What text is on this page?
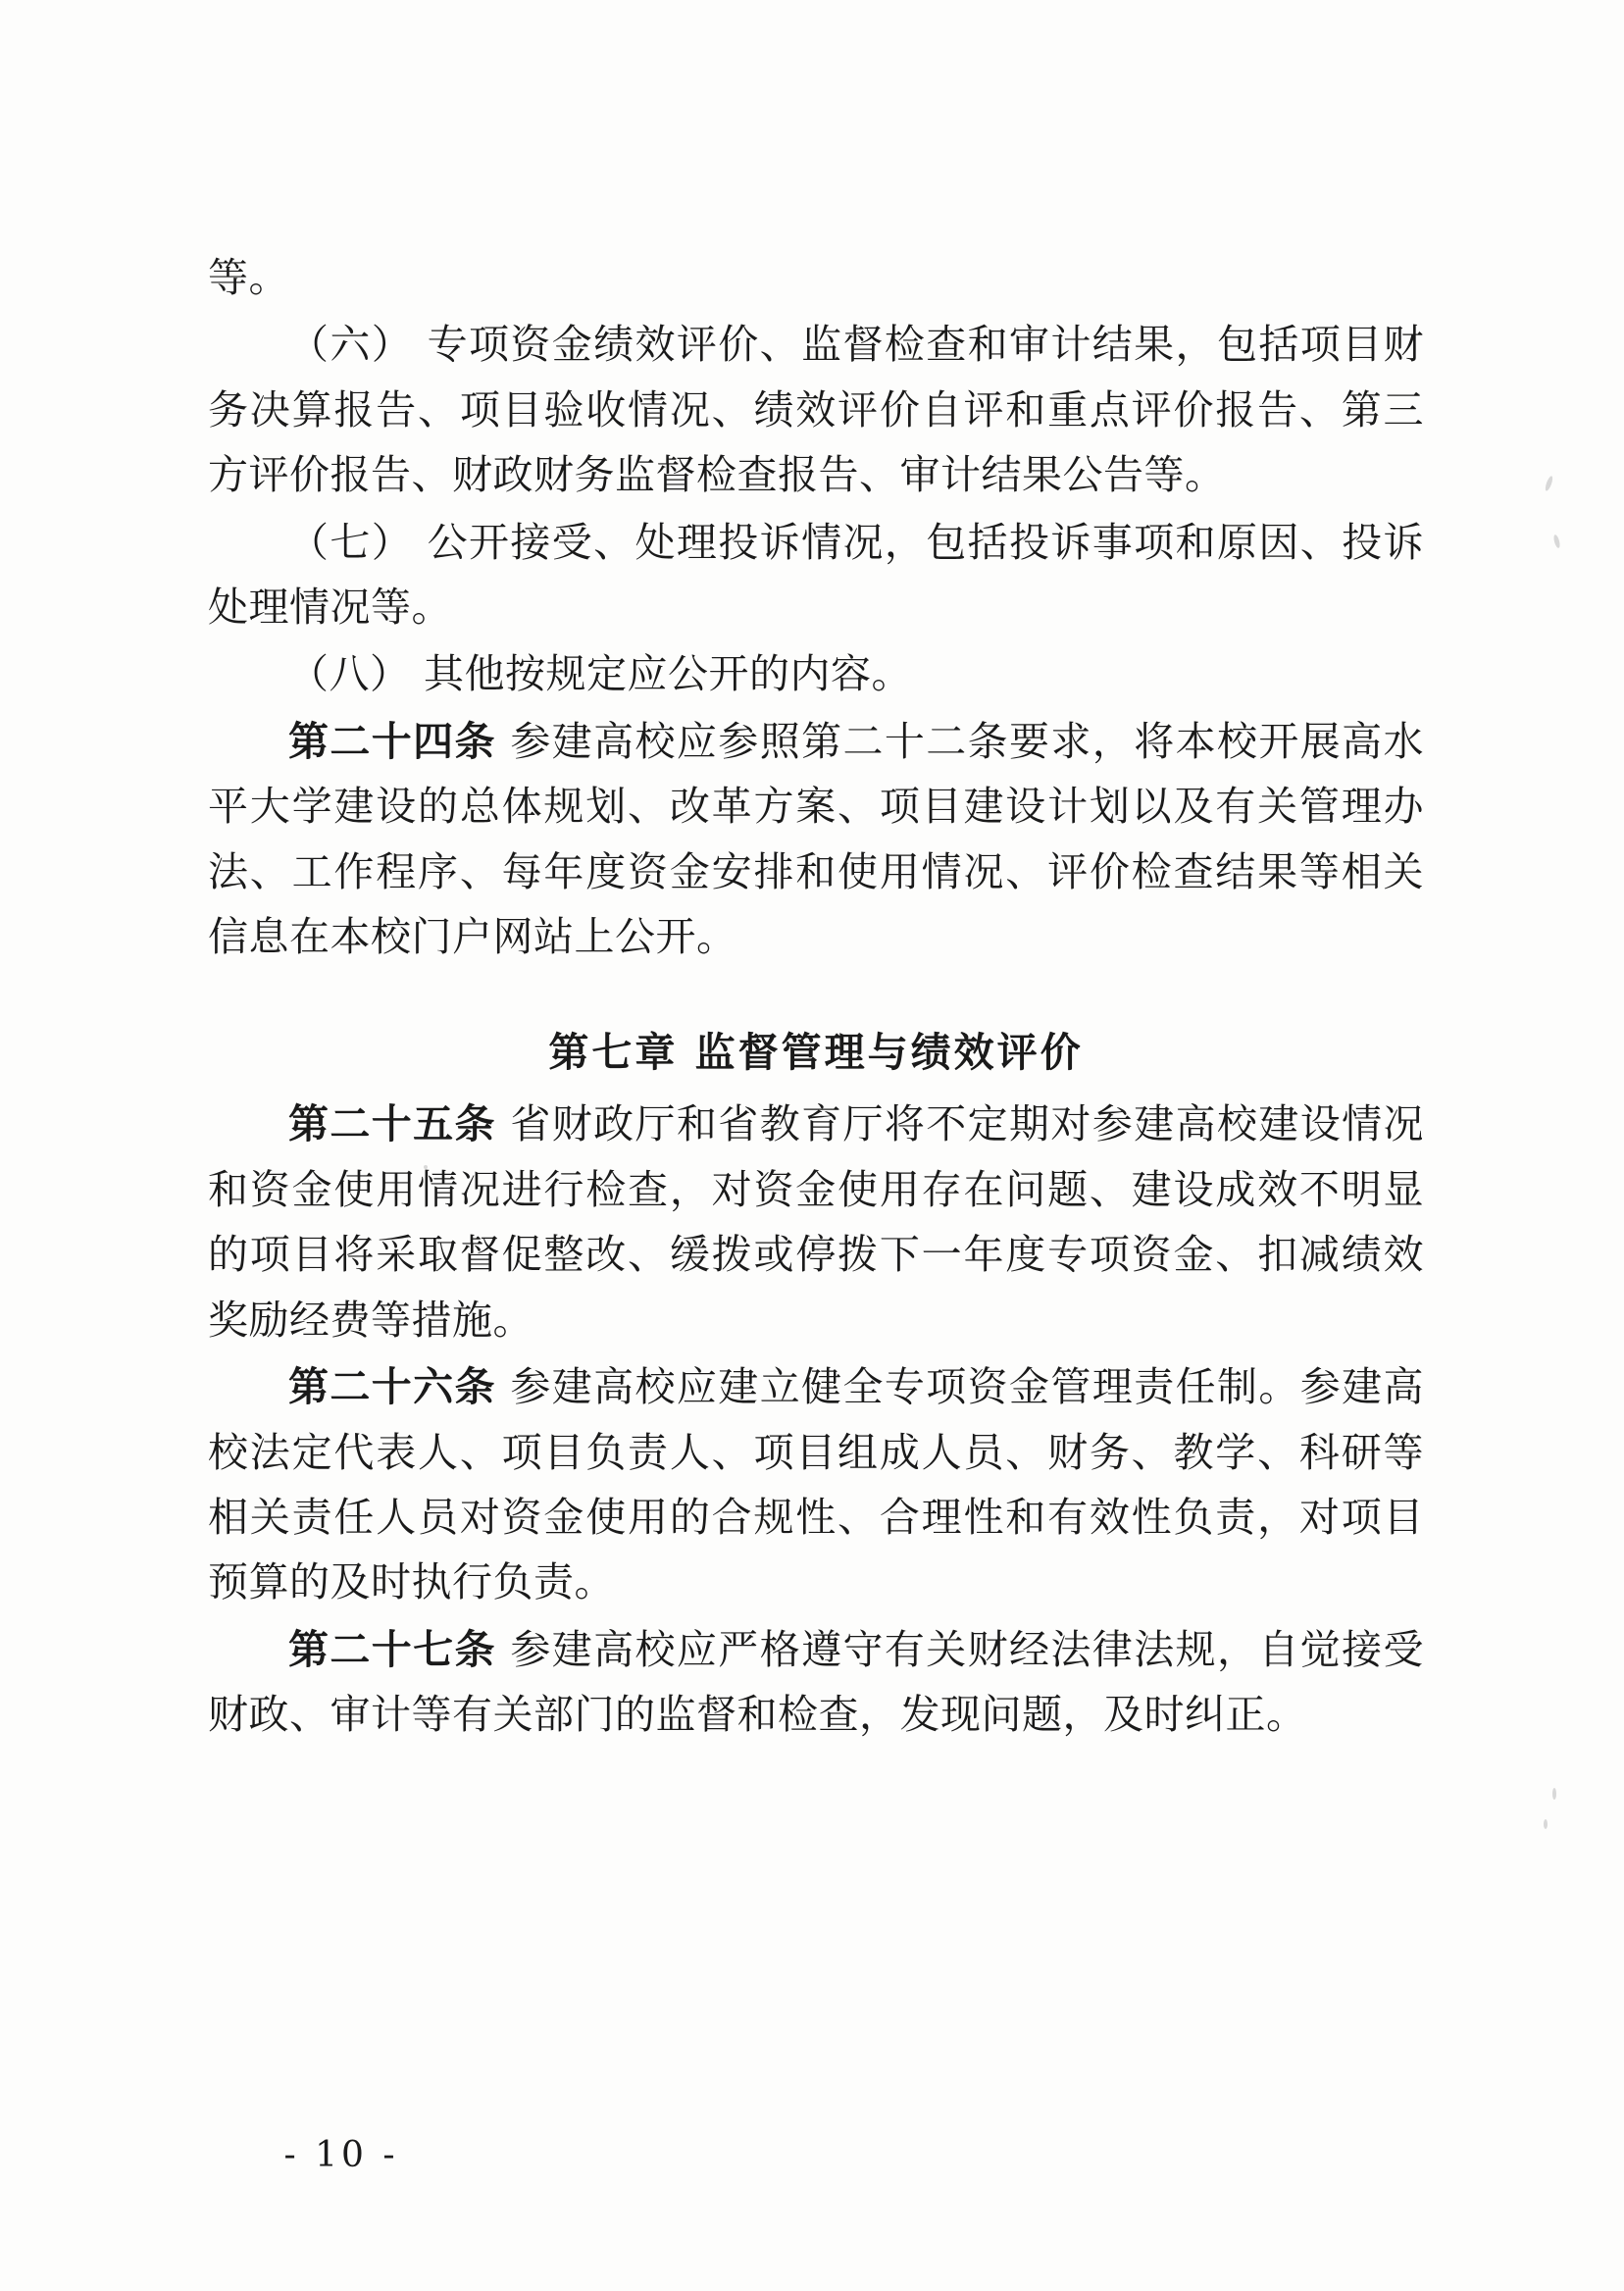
等。

（六） 专项资金绩效评价、监督检查和审计结果，包括项目财务决算报告、项目验收情况、绩效评价自评和重点评价报告、第三方评价报告、财政财务监督检查报告、审计结果公告等。

（七） 公开接受、处理投诉情况，包括投诉事项和原因、投诉处理情况等。

（八） 其他按规定应公开的内容。

第二十四条 参建高校应参照第二十二条要求，将本校开展高水平大学建设的总体规划、改革方案、项目建设计划以及有关管理办法、工作程序、每年度资金安排和使用情况、评价检查结果等相关信息在本校门户网站上公开。

第七章 监督管理与绩效评价

第二十五条 省财政厅和省教育厅将不定期对参建高校建设情况和资金使用情况进行检查，对资金使用存在问题、建设成效不明显的项目将采取督促整改、缓拨或停拨下一年度专项资金、扣减绩效奖励经费等措施。

第二十六条 参建高校应建立健全专项资金管理责任制。参建高校法定代表人、项目负责人、项目组成人员、财务、教学、科研等相关责任人员对资金使用的合规性、合理性和有效性负责，对项目预算的及时执行负责。

第二十七条 参建高校应严格遵守有关财经法律法规，自觉接受财政、审计等有关部门的监督和检查，发现问题，及时纠正。

- 10 -
